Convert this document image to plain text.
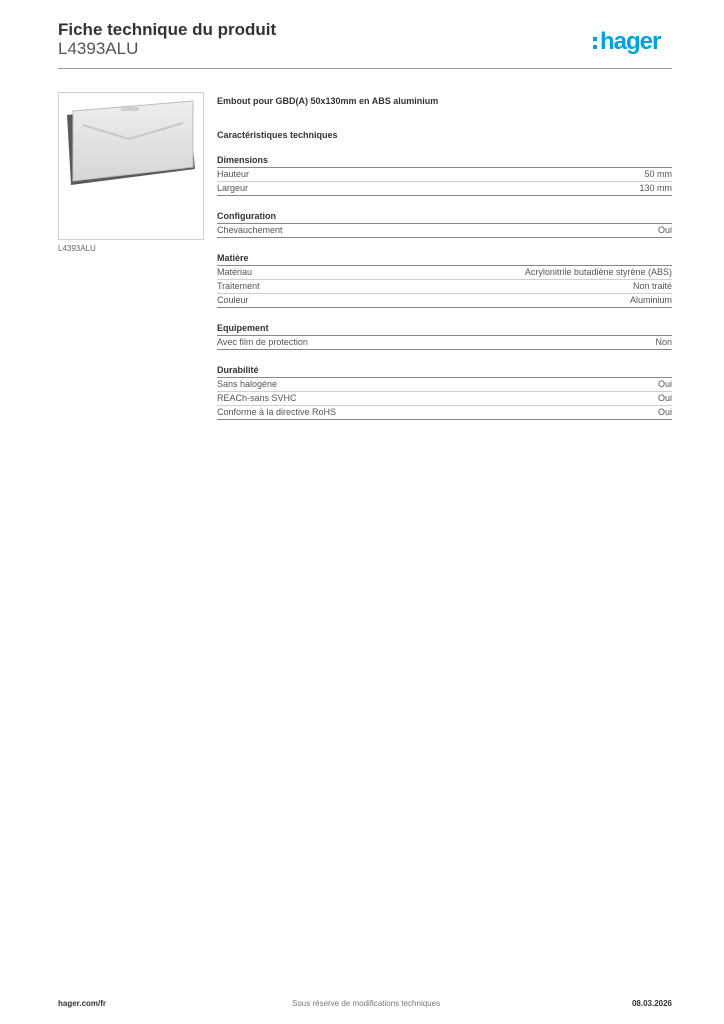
Fiche technique du produit
L4393ALU	hager
L4393ALU
Embout pour GBD(A) 50x130mm en ABS aluminium
Caractéristiques techniques
Dimensions
Hauteur	50 mm
Largeur	130 mm
Configuration
Chevauchement	Oui
Matière
Matériau	Acrylonitrile butadiène styrène (ABS)
Traitement	Non traité
Couleur	Aluminium
Equipement
Avec film de protection	Non
Durabilité
Sans halogène	Oui
REACh-sans SVHC	Oui
Conforme à la directive RoHS	Oui
hager.com/fr	Sous réserve de modifications techniques	08.03.2026
